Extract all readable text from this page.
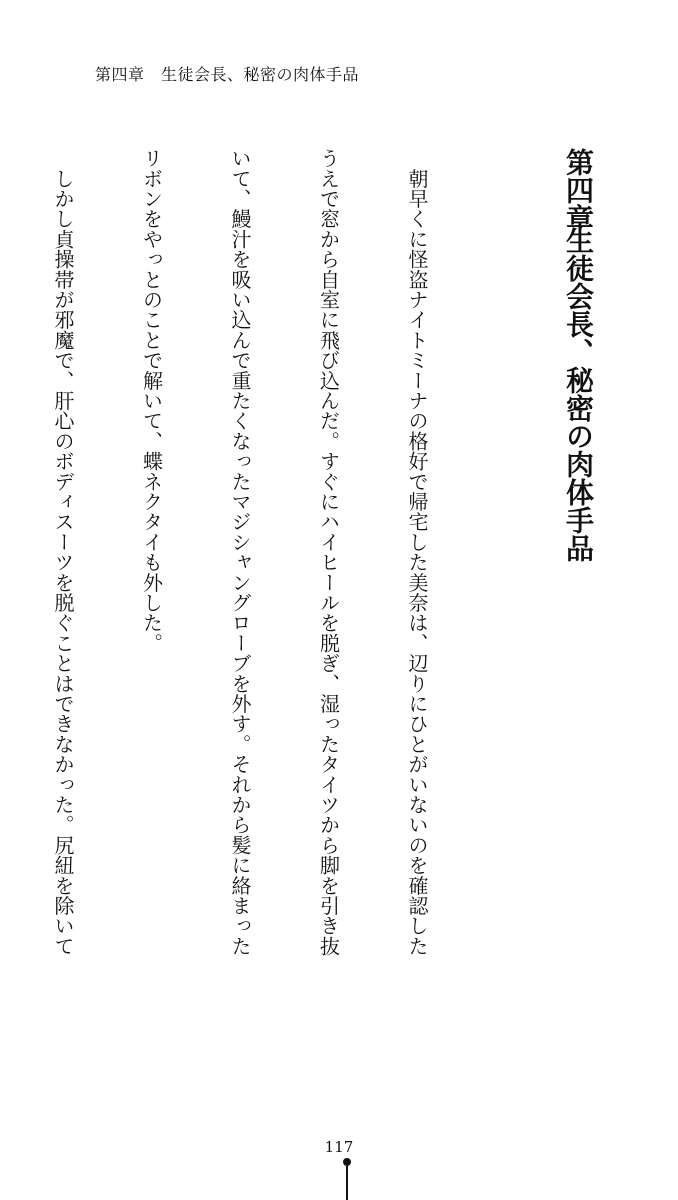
第四章　生徒会長、秘密の肉体手品
第四章
生徒会長、秘密の肉体手品

　朝早くに怪盗ナイトミーナの格好で帰宅した美奈は、辺りにひとがいないのを確認した

うえで窓から自室に飛び込んだ。すぐにハイヒールを脱ぎ、湿ったタイツから脚を引き抜

いて、鰻汁を吸い込んで重たくなったマジシャングローブを外す。それから髪に絡まった

リボンをやっとのことで解いて、蝶ネクタイも外した。

　しかし貞操帯が邪魔で、肝心のボディスーツを脱ぐことはできなかった。尻紐を除いて

117
